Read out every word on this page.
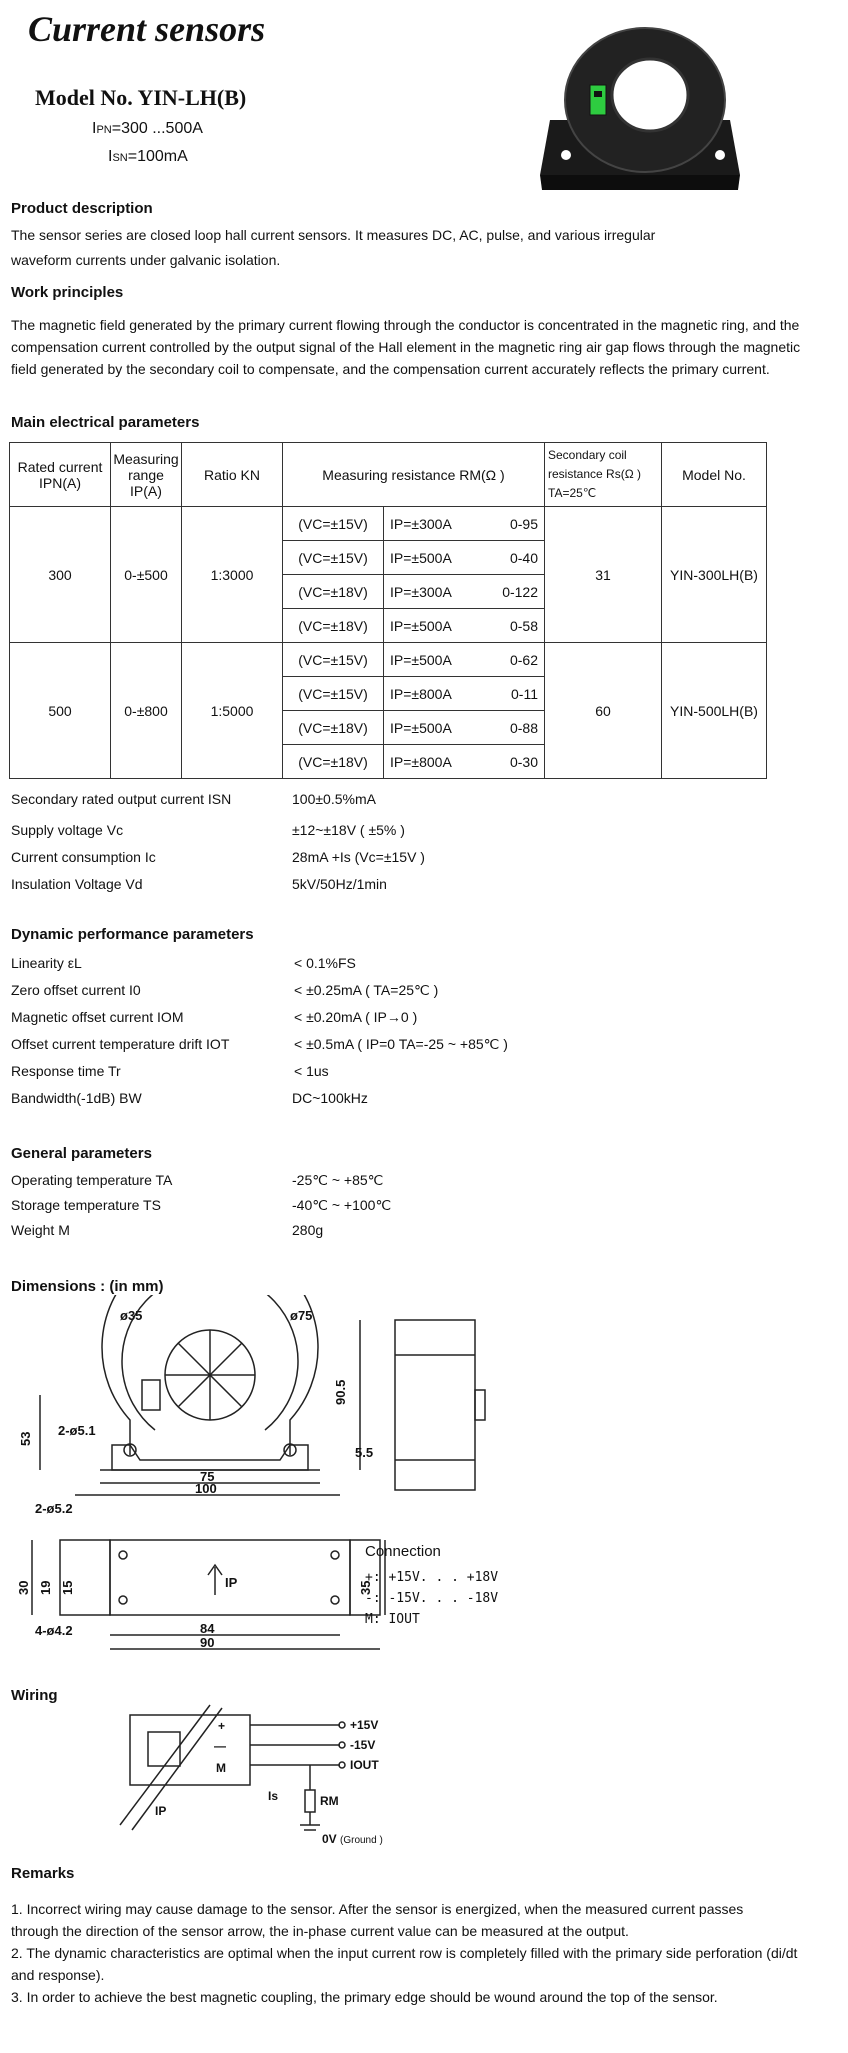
Current sensors
Model No. YIN-LH(B)
IPN=300 ...500A
ISN=100mA
Product description
The sensor series are closed loop hall current sensors. It measures DC, AC, pulse, and various irregular
waveform currents under galvanic isolation.
Work principles
The magnetic field generated by the primary current flowing through the conductor is concentrated in the magnetic ring, and the
compensation current controlled by the output signal of the Hall element in the magnetic ring air gap flows through the magnetic
field generated by the secondary coil to compensate, and the compensation current accurately reflects the primary current.
Main electrical parameters
Rated current IPN(A)	Measuring range IP(A)	Ratio KN	Measuring resistance RM(Ω )		Secondary coil resistance Rs(Ω ) TA=25℃	Model No.
300	0-±500	1:3000	(VC=±15V)	IP=±300A 0-95	31	YIN-300LH(B)
			(VC=±15V)	IP=±500A 0-40		

			(VC=±18V)	IP=±300A 0-122		

			(VC=±18V)	IP=±500A 0-58		

500	0-±800	1:5000	(VC=±15V)	IP=±500A 0-62	60	YIN-500LH(B)
			(VC=±15V)	IP=±800A 0-11		

			(VC=±18V)	IP=±500A 0-88		

			(VC=±18V)	IP=±800A 0-30		
Secondary rated output current ISN	100±0.5%mA
Supply voltage Vc	±12~±18V ( ±5% )
Current consumption Ic	28mA +Is (Vc=±15V )
Insulation Voltage Vd	5kV/50Hz/1min
Dynamic performance parameters
Linearity εL	< 0.1%FS
Zero offset current I0	< ±0.25mA ( TA=25℃ )
Magnetic offset current IOM	< ±0.20mA ( IP→0 )
Offset current temperature drift IOT	< ±0.5mA ( IP=0 TA=-25 ~ +85℃ )
Response time Tr	< 1us
Bandwidth(-1dB) BW	DC~100kHz
General parameters
Operating temperature TA	-25℃ ~ +85℃
Storage temperature TS	-40℃ ~ +100℃
Weight M	280g
Dimensions : (in mm)
ø35	ø75
53
90.5
2-ø5.1
5.5
75
100
2-ø5.2
4-ø4.2
30 19 15	35
84
90
IP
Connection
+: +15V. . . +18V
-: -15V. . . -18V
M: IOUT
Wiring
+
—
M
+15V
-15V
IOUT
Is	RM
IP
0V (Ground )
Remarks
1. Incorrect wiring may cause damage to the sensor. After the sensor is energized, when the measured current passes
through the direction of the sensor arrow, the in-phase current value can be measured at the output.
2. The dynamic characteristics are optimal when the input current row is completely filled with the primary side perforation (di/dt
and response).
3. In order to achieve the best magnetic coupling, the primary edge should be wound around the top of the sensor.
